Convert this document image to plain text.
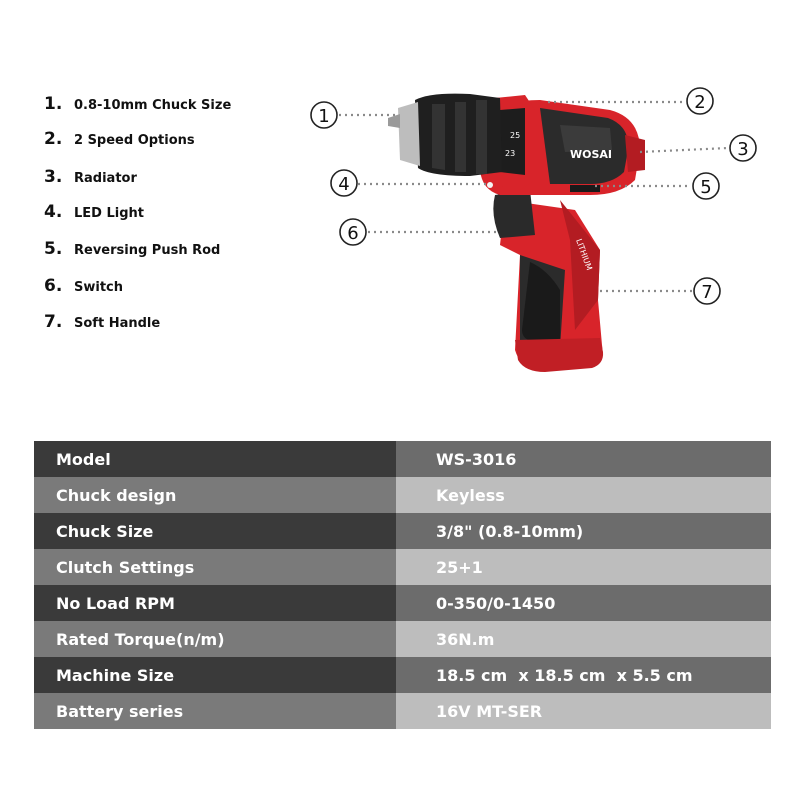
1. 0.8-10mm Chuck Size
2. 2 Speed Options
3. Radiator
4. LED Light
5. Reversing Push Rod
6. Switch
7. Soft Handle
WOSAI
LITHIUM
23
25
1
2
3
4	5
6
7
Model	WS-3016
Chuck design	Keyless
Chuck Size	3/8" (0.8-10mm)
Clutch Settings	25+1
No Load RPM	0-350/0-1450
Rated Torque(n/m)	36N.m
Machine Size	18.5 cm  x 18.5 cm  x 5.5 cm
Battery series	16V MT-SER
